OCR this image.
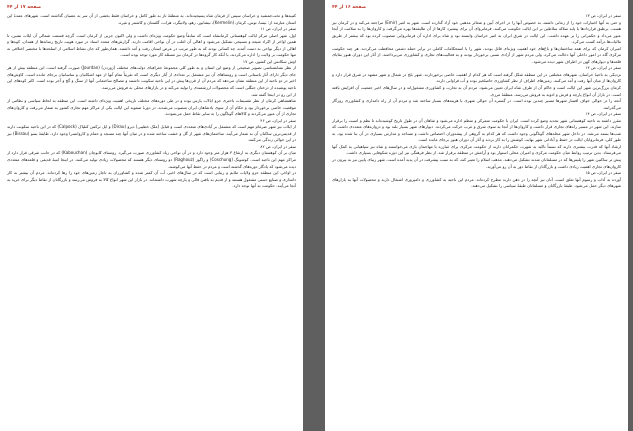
صفحه ۱۷ از ۴۴

کتیبه‌ها و تخت‌جمشید و خراسان سپس از فرمان شاه پسیجیده‌اند. به منطقهٔ تاز به طور کامل و خراسان فقط بخشی از آن سر به عصیان گذاشته است. شهرهای عمدهٔ این استان عبارتند از: نیسا، توس، کرمان (Kermelin)، نیشابور، زهو، ولاتیگرد، هرات، گلستان و کاشمر و غیره.

سفر در ایران، ص ۱۱

اول، شهر اصلی مرکز ایالت کوهستانی کرمانشاه است که سابقاً وضع حکومت ویژه‌ای داشت و ولی اکنون جزیی از کرمان است. گرچه قسمت شمالی آن ایلات نشین، تا همین اواخر از اکراد شیعه و مسیحی تشکیل می‌شود و اهالی آن اغلب در آن نواحی اقامت دارند. گزارش‌های متعدد اسناد در مورد هویت تاریخ رسانه‌ها از همدان، کوه‌ها و اهالی از دیگر نواحی به دست آمده، چه کسانی بودند که به طور مرتب در عرض استان رفت و آمد داشتند. همان‌طور که جان نشاط اسلامی از اسلحه‌ها با مختصر اختلافی نه تنها حکومت بر ولایت را اداره می‌کردند، با آنکه کار گروه‌ها در کرمان نیز مسئله کار مورد توجه بوده است.

اوش سکانس این کشور، ص ۱۷

از نظر نشانشناسی تصویر صحیحی از وضع این استان و به طور کلی مجموعهٔ جغرافیای دولت‌های مختلف (ژوردن) (Jourdan) صورت گرفته است. این منطقه بیش از هر جای دیگر دارای آثار باستانی است و روستاهای آن نیز مشتمل بر تعدادی از آثار دیگری است که تقریباً تمام آنها از عهد اشکانیان و ساسانیان برجای مانده است. کاوش‌های اخیر در دو ناحیه از این منطقه نشان می‌دهد که مردم آن از قرن‌ها پیش در این ناحیه سکونت داشتند و مصالح ساختمانی آنها از سنگ و گچ و آجر بوده است. اکثر کوه‌های این ناحیه پوشیده از درختان جنگلی است که محصولات ارزشمندی را تولید می‌کند و در بازارهای محلی به فروش می‌رسد.

از این رو در اینجا گفته شد.

شاهنشاهی کرمان از نظر تقسیمات باختری جزو ایالات پارس بوده و در طی دوره‌های مختلف تاریخی اهمیت ویژه‌ای داشته است. این منطقه به لحاظ سیاسی و نظامی از موقعیت خاصی برخوردار بود و حکام آن از سوی پادشاهان ایران منصوب می‌شدند. در دورهٔ صفویه این ایالت یکی از مراکز مهم تجاری کشور به شمار می‌رفت و کاروان‌های تجاری از آن عبور می‌کردند و کالاهای گوناگون را به سایر نقاط حمل می‌نمودند.

سفر در ایران، ص ۴۶

از ایلات نیز شهر ضرغام مهم است که مشتمل بر آبادی‌های متعددی است و قبایل (ملک خطیبی) دیرو (Dirau) و ایل ترکمن کتلپاک (Calpock) که در این ناحیه سکونت دارند از قدیمی‌ترین ساکنان آن به شمار می‌آیند. ساختمان‌های شهر از گل و خشت ساخته شده و در میان آنها چند مسجد و حمام و کاروانسرا وجود دارد. طایفهٔ بسو (Bissau) نیز در این حوالی زندگی می‌کنند.

سفر در ایران، ص ۸۲

میان بر آن کوهستان دیگری به ارتفاع ۳ هزار متر وجود دارد و در آن نواحی زیاد کشاورزی صورت می‌گیرد. روستای کابوچان (Kabouchan) که در جانب شرقی قرار دارد از مراکز مهم این ناحیه است. کوشونگ (Coschung) و راگوز (Raghouz) دو روستای دیگر هستند که محصولات زیادی تولید می‌کنند. در اینجا ابنیهٔ قدیمی و قلعه‌های متعددی دیده می‌شود که یادگار دوره‌های گذشته است و مردم در حفظ آنها می‌کوشند.

در اواخر، این منطقه جزو ولایات ملایم و زیبایی است که در سال‌های اخیر، آب آن کمتر شده و کشاورزان به ناچار زمین‌های خود را رها کرده‌اند. مردم آن بیشتر به کار دامداری و صنایع دستی مشغول هستند و از قدیم به بافتن قالی و پارچه شهرت داشته‌اند. در بازار این شهر انواع کالا به فروش می‌رسد و بازرگانان از نقاط دیگر برای خرید به آنجا می‌آیند. حکومت به آنها توجه دارد.

صفحه ۱۶ از ۴۴

سفر در ایران، ص ۱۳

و حتی به آنها اختیارات خود را از زمانی داشته، به خصوص آنها را در اجرای آیین و شعائر مذهبی خود آزاد گذارده است. شهر به امیر (Emir) مراجعه می‌کند و در کرمان نیز هست. برطبق قراردادها با پایه سلاله سلاطین بر این ایالت حکومت می‌کنند. فرمانروای آن برای پیشبرد کارها از آن طایفه‌ها بهره می‌گرفت و کاروان‌ها را به سلامت از آنجا عبور می‌داد و حکمرانی را بر عهده داشت. این ایالت در شرق ایران به امیر خراسان وابسته بود و شاه برای اداره آن فرمانروایی منصوب کرده بود که بیشتر از طریق مالیات‌ها درآمد کسب می‌کرد.

امیران کرمان که برای همه ساختمان‌ها و باغ‌های خود اهمیت ویژه‌ای قائل بودند، شهر را با استحکامات کاملی در برابر حمله دشمن محافظت می‌کردند. هر چند حکومت مرکزی گاه در امور داخلی آنها دخالت می‌کرد، ولی مردم شهر از آزادی نسبی برخوردار بودند و به فعالیت‌های تجاری و کشاورزی می‌پرداختند. از آثار این دوران هنوز بقایای قلعه‌ها و دیوارهای کهن در اطراف شهر دیده می‌شود.

سفر در ایران، ص ۱۴

نزدیکی به ناحیهٔ خراسان، شهرهای مختلفی در این منطقه شکل گرفته است که هر کدام از اهمیت خاصی برخوردارند. شهر بلخ در شمال و شهر مشهد در شرق قرار دارد و کاروان‌ها از میان آنها رفت و آمد می‌کنند. زمین‌های اطراف از نظر کشاورزی حاصلخیز بوده و آب فراوانی دارند.

کرمان بزرگ‌ترین شهر این ایالت است و حاکم آن از طرف شاه ایران تعیین می‌شود. مردم آن به تجارت و کشاورزی مشغول‌اند و در سال‌های اخیر جمعیت آن افزایش یافته است. در بازار آن انواع پارچه و فرش و ادویه به فروش می‌رسد. منطقهٔ مرزی.

آنجه را در حوالی خواف افسار شهرها مسیر چندین بوده است. در گستره آن حوالی شهری با هزینه‌های بسیار ساخته شد و مردم آن از راه دامداری و کشاورزی روزگار می‌گذرانند.

سفر در ایران، ص ۱۴

مقرر داشته به ناحیه کوهستانی شهر تجدید وضع کرده است. ایران با حکومت متمرکز و منظم اداره می‌شود و شاهان آن در طول تاریخ کوشیده‌اند تا نظم و امنیت را برقرار سازند. این شهر در مسیر راه‌های تجاری قرار داشت و کاروان‌ها از آنجا به سوی شرق و غرب حرکت می‌کردند. دیوارهای شهر بسیار بلند بود و دروازه‌های متعددی داشت که شب‌ها بسته می‌شد. در داخل شهر محله‌های گوناگونی وجود داشت که هر کدام به گروهی از پیشه‌وران اختصاص داشت و مساجد و مدارس بسیاری در آن بنا شده بود. به طور کلی، فرمانروایان ایالت در حفظ و آبادانی شهر نهایت کوشش را به کار بردند و آثار آن دوران هنوز برجای مانده است.

ارشاد آنها که قدرت بیشتری دارند که نسبتاً تاکید به شهرت حکمرانان دارند از حکومت مرکزی برای مبارزه با مهاجمان یاری می‌خواستند و شاه نیز سپاهیانی به کمک آنها می‌فرستاد. بدین ترتیب روابط میان حکومت مرکزی و امیران محلی استوار بود و آرامش در منطقه برقرار شد. از نظر فرهنگی نیز این دوره شکوفایی بسیاری داشت.

پیش تر ساکنین شهر را پلیس‌ها که در مسلمانان شدند تشکیل می‌دهند. مذهب اسلام را تعبیر کند، که به سبب پیشرفت در آن پدید آمده است. شهر زیبای پایین نیز به بیرون در کاروان‌های تجاری اهمیت زیادی داشت و بازرگانان از نقاط دور به آن رو می‌آورند.

سفر در ایران، ص ۱۵

آورده به آداب و رسوم آنها تعلق است، آنان نیز آنچه را در ذهن دارند مطرح کرده‌اند. مردم این ناحیه به کشاورزی و دامپروری اشتغال دارند و محصولات آنها به بازارهای شهرهای دیگر حمل می‌شود. طبقهٔ بازرگانان و مسلمانان طبقهٔ سیاسی را تشکیل می‌دهند.
